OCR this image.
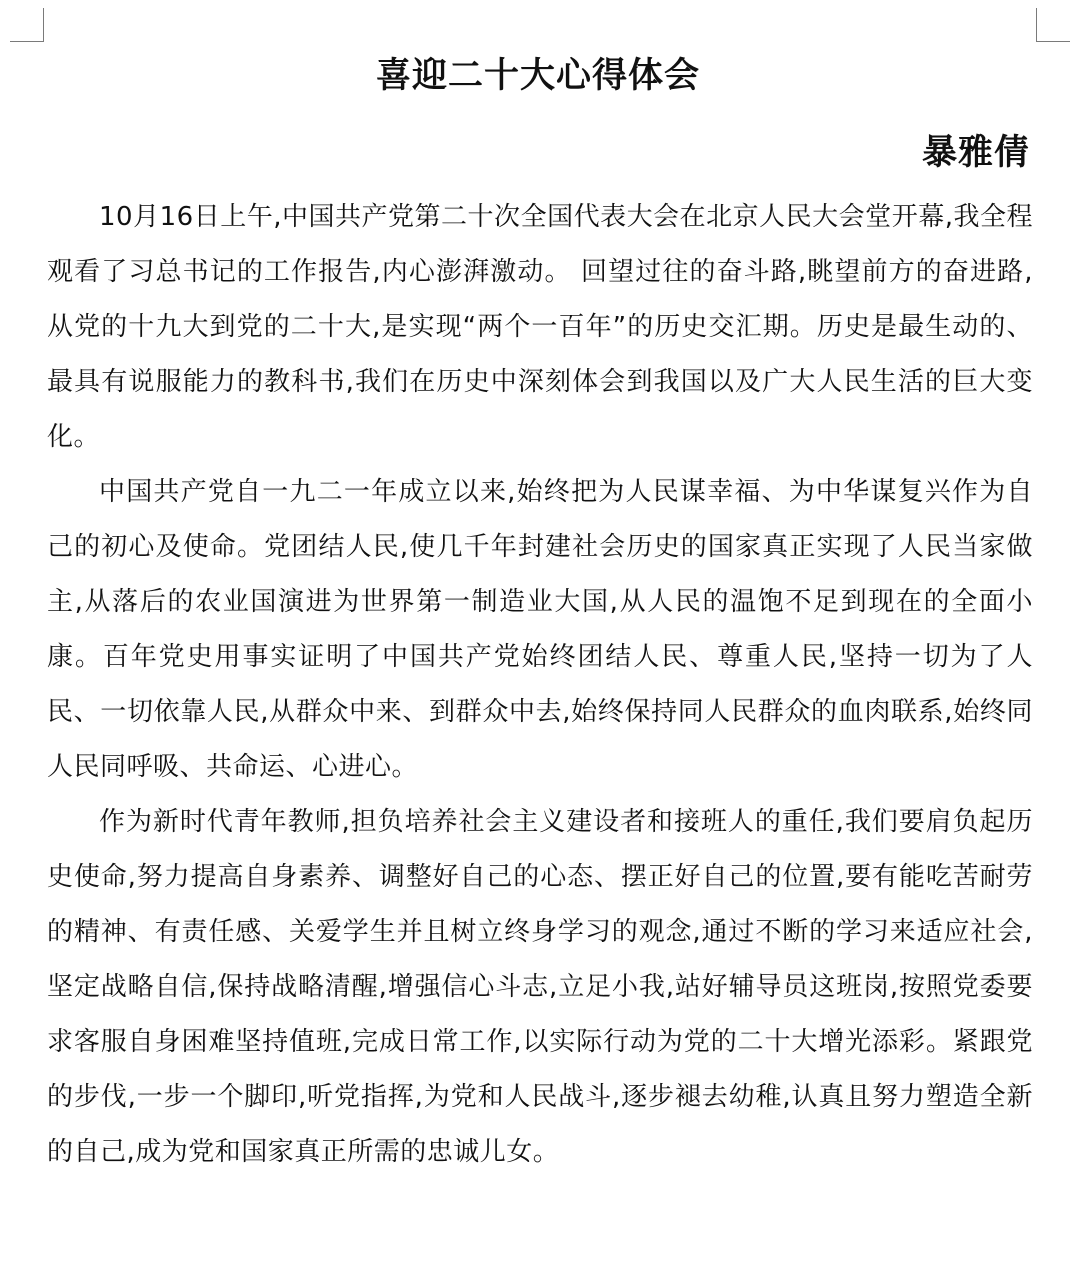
喜迎二十大心得体会
暴雅倩

10月16日上午,中国共产党第二十次全国代表大会在北京人民大会堂开幕,我全程观看了习总书记的工作报告,内心澎湃激动。 回望过往的奋斗路,眺望前方的奋进路,从党的十九大到党的二十大,是实现“两个一百年”的历史交汇期。历史是最生动的、最具有说服能力的教科书,我们在历史中深刻体会到我国以及广大人民生活的巨大变化。

中国共产党自一九二一年成立以来,始终把为人民谋幸福、为中华谋复兴作为自己的初心及使命。党团结人民,使几千年封建社会历史的国家真正实现了人民当家做主,从落后的农业国演进为世界第一制造业大国,从人民的温饱不足到现在的全面小康。百年党史用事实证明了中国共产党始终团结人民、尊重人民,坚持一切为了人民、一切依靠人民,从群众中来、到群众中去,始终保持同人民群众的血肉联系,始终同人民同呼吸、共命运、心进心。

作为新时代青年教师,担负培养社会主义建设者和接班人的重任,我们要肩负起历史使命,努力提高自身素养、调整好自己的心态、摆正好自己的位置,要有能吃苦耐劳的精神、有责任感、关爱学生并且树立终身学习的观念,通过不断的学习来适应社会,坚定战略自信,保持战略清醒,增强信心斗志,立足小我,站好辅导员这班岗,按照党委要求客服自身困难坚持值班,完成日常工作,以实际行动为党的二十大增光添彩。紧跟党的步伐,一步一个脚印,听党指挥,为党和人民战斗,逐步褪去幼稚,认真且努力塑造全新的自己,成为党和国家真正所需的忠诚儿女。
